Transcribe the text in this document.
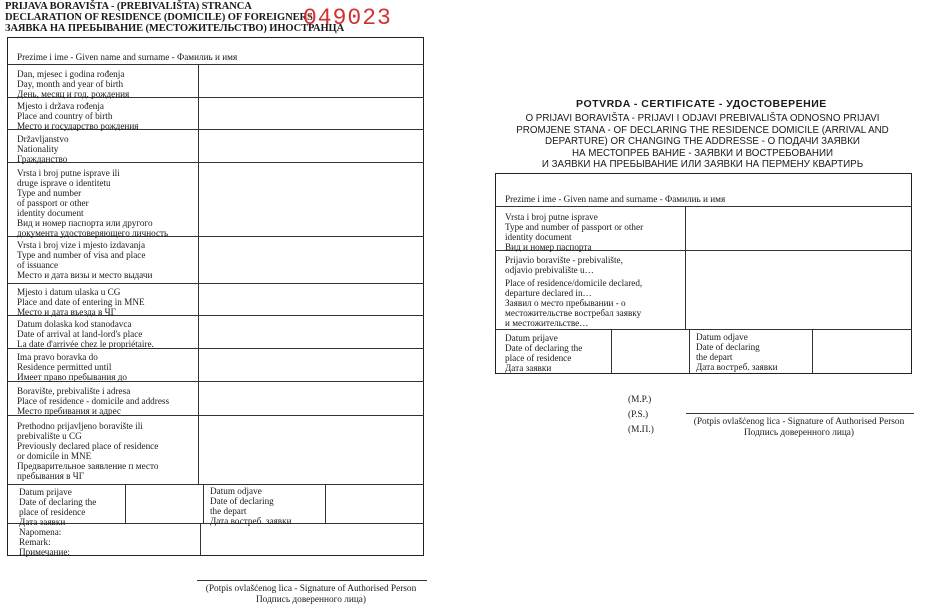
PRIJAVA BORAVIŠTA - (PREBIVALIŠTA) STRANCA
DECLARATION OF RESIDENCE (DOMICILE) OF FOREIGNERS
ЗАЯВКА НА ПРЕБЫВАНИЕ (МЕСТОЖИТЕЛЬСТВО) ИНОСТРАНЦА
049023
Prezime i ime - Given name and surname - Фамилиь и имя
Dan, mjesec i godina rođenja
Day, month and year of birth
День, месяц и год. рождения
Mjesto i država rođenja
Place and country of birth
Место и государство рождения
Državljanstvo
Nationality
Гражданство
Vrsta i broj putne isprave ili
druge isprave o identitetu
Type and number
of passport or other
identity document
Вид и номер паспорта или другого
документа удостоверяющего личность
Vrsta i broj vize i mjesto izdavanja
Type and number of visa and place
of issuance
Место и дата визы и место выдачи
Mjesto i datum ulaska u CG
Place and date of entering in MNE
Место и дата въезда в ЧГ
Datum dolaska kod stanodavca
Date of arrival at land-lord's place
La date d'arrivée chez le propriétaire.
Ima pravo boravka do
Residence permitted until
Имеет право пребывания до
Boravište, prebivalište i adresa
Place of residence - domicile and address
Место пребивания и адрес
Prethodno prijavljeno boravište ili
prebivalište u CG
Previously declared place of residence
or domicile in MNE
Предварительное заявление п место
пребывания в ЧГ
Datum prijave
Date of declaring the
place of residence
Дата заявки
Datum odjave
Date of declaring
the depart
Дата востреб. заявки
Napomena:
Remark:
Примечание:
(Potpis ovlašćenog lica - Signature of Authorised Person
Подпись доверенного лица)
POTVRDA - CERTIFICATE - УДОСТОВЕРЕНИЕ
O PRIJAVI BORAVIŠTA - PRIJAVI I ODJAVI PREBIVALIŠTA ODNOSNO PRIJAVI
PROMJENE STANA - OF DECLARING THE RESIDENCE DOMICILE (ARRIVAL AND
DEPARTURE) OR CHANGING THE ADDRESSE - О ПОДАЧИ ЗАЯВКИ
НА МЕСТОПРЕБ ВАНИЕ - ЗАЯВКИ И ВОСТРЕБОВАНИИ
И ЗАЯВКИ НА ПРЕБЫВАНИЕ ИЛИ ЗАЯВКИ НА ПЕРМЕНУ КВАРТИРЬ
Prezime i ime - Given name and surname - Фамилиь и имя
Vrsta i broj putne isprave
Type and number of passport or other
identity document
Вид и номер паспорта
Prijavio boravište - prebivalište,
odjavio prebivalište u…
Place of residence/domicile declared,
departure declared in…
Заявил о место пребывании - о
местожительстве востребал заявку
и местожительстве…
Datum prijave
Date of declaring the
place of residence
Дата заявки
Datum odjave
Date of declaring
the depart
Дата востреб. заявки
(M.P.)
(P.S.)
(M.П.)
(Potpis ovlašćenog lica - Signature of Authorised Person
Подпись доверенного лица)
